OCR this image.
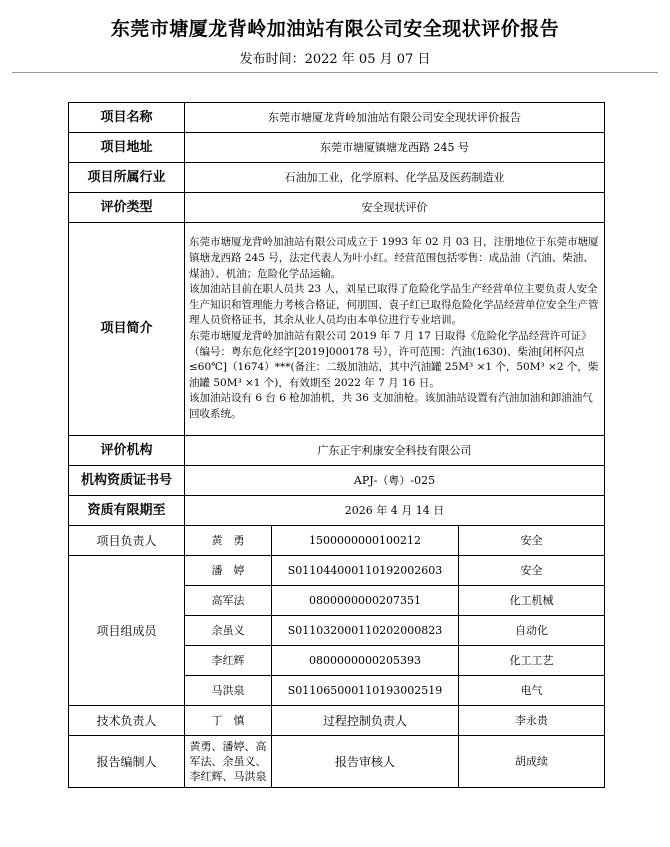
东莞市塘厦龙背岭加油站有限公司安全现状评价报告
发布时间：2022 年 05 月 07 日
项目名称	东莞市塘厦龙背岭加油站有限公司安全现状评价报告		
项目地址	东莞市塘厦镇塘龙西路 245 号		
项目所属行业	石油加工业，化学原料、化学品及医药制造业		
评价类型	安全现状评价		
项目简介	东莞市塘厦龙背岭加油站有限公司成立于 1993 年 02 月 03 日，注册地位于东莞市塘厦镇塘龙西路 245 号，法定代表人为叶小红。经营范围包括零售：成品油（汽油、柴油、煤油）、机油；危险化学品运输。
该加油站目前在职人员共 23 人，刘星已取得了危险化学品生产经营单位主要负责人安全生产知识和管理能力考核合格证，何朋国、袁子红已取得危险化学品经营单位安全生产管理人员资格证书，其余从业人员均由本单位进行专业培训。
东莞市塘厦龙背岭加油站有限公司 2019 年 7 月 17 日取得《危险化学品经营许可证》（编号：粤东危化经字[2019]000178 号），许可范围：汽油(1630)、柴油[闭杯闪点≤60℃]（1674）***(备注：二级加油站，其中汽油罐 25M³ ×1 个，50M³ ×2 个，柴油罐 50M³ ×1 个)，有效期至 2022 年 7 月 16 日。
该加油站设有 6 台 6 枪加油机，共 36 支加油枪。该加油站设置有汽油加油和卸油油气回收系统。		

评价机构	广东正宇利康安全科技有限公司		
机构资质证书号	APJ-（粤）-025		
资质有限期至	2026 年 4 月 14 日		
项目负责人	黄　勇	1500000000100212	安全
项目组成员	潘　婷	S011044000110192002603	安全
	高军法	0800000000207351	化工机械
	余虽义	S011032000110202000823	自动化
	李红辉	0800000000205393	化工工艺
	马洪泉	S011065000110193002519	电气
技术负责人	丁　慎	过程控制负责人	李永贵
报告编制人	黄勇、潘婷、高军法、余虽义、李红辉、马洪泉	报告审核人	胡成续
